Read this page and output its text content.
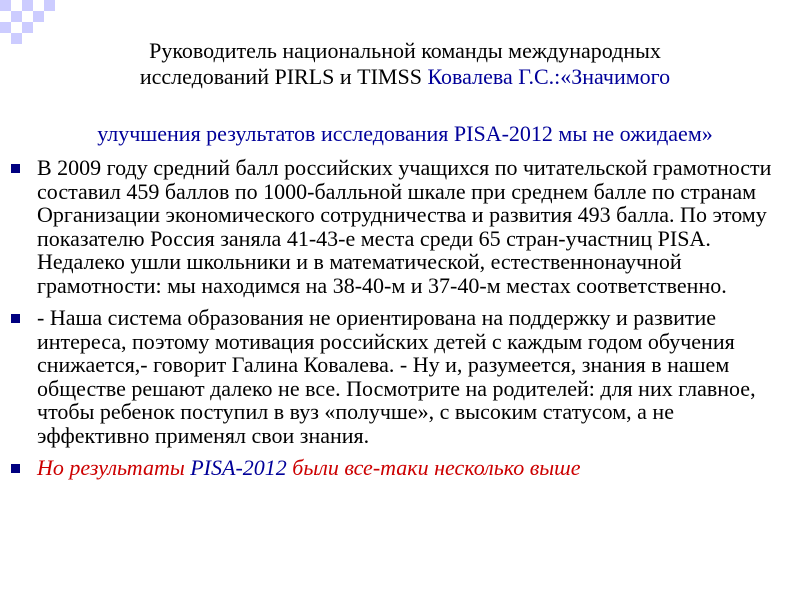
Руководитель национальной команды международных
исследований PIRLS и TIMSS Ковалева Г.С.:«Значимого
улучшения результатов исследования PISA-2012 мы не ожидаем»
В 2009 году средний балл российских учащихся по читательской грамотности составил 459 баллов по 1000-балльной шкале при среднем балле по странам Организации экономического сотрудничества и развития 493 балла. По этому показателю Россия заняла 41-43-е места среди 65 стран-участниц PISA. Недалеко ушли школьники и в математической, естественнонаучной грамотности: мы находимся на 38-40-м и 37-40-м местах соответственно.
- Наша система образования не ориентирована на поддержку и развитие интереса, поэтому мотивация российских детей с каждым годом обучения снижается,- говорит Галина Ковалева. - Ну и, разумеется, знания в нашем обществе решают далеко не все. Посмотрите на родителей: для них главное, чтобы ребенок поступил в вуз «получше», с высоким статусом, а не эффективно применял свои знания.
Но результаты PISA-2012 были все-таки несколько выше
